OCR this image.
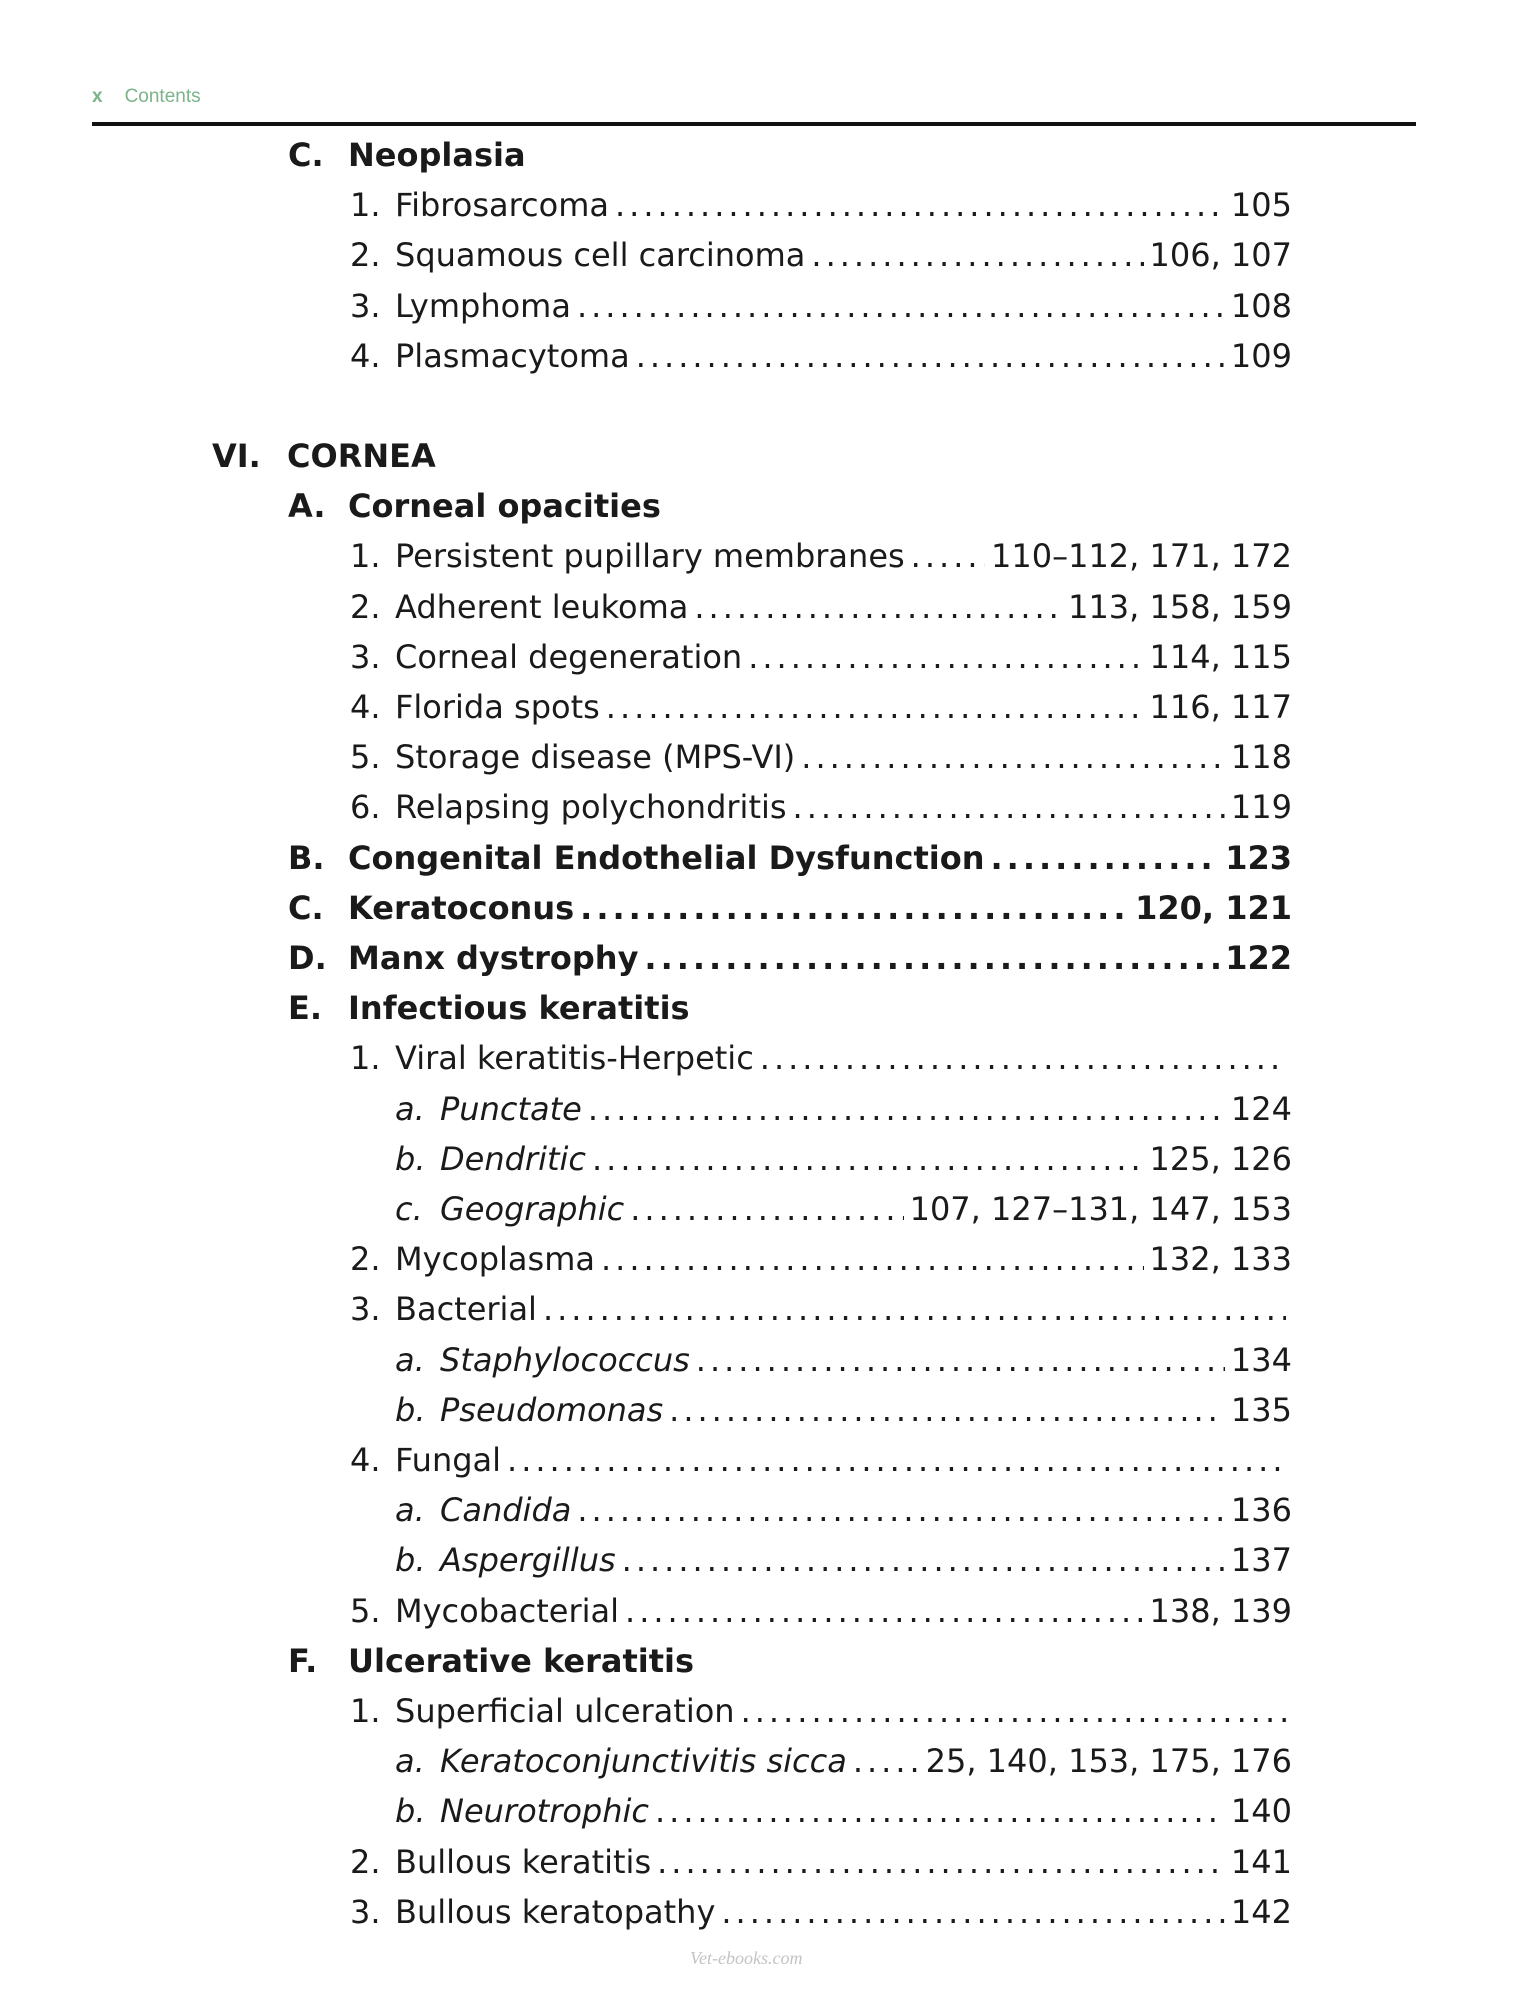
x Contents
C. Neoplasia
1. Fibrosarcoma .....	105
2. Squamous cell carcinoma .....	106, 107
3. Lymphoma .....	108
4. Plasmacytoma .....	109
VI. CORNEA
A. Corneal opacities
1. Persistent pupillary membranes .....	110–112, 171, 172
2. Adherent leukoma .....	113, 158, 159
3. Corneal degeneration .....	114, 115
4. Florida spots .....	116, 117
5. Storage disease (MPS-VI) .....	118
6. Relapsing polychondritis .....	119
B. Congenital Endothelial Dysfunction .....	123
C. Keratoconus .....	120, 121
D. Manx dystrophy .....	122
E. Infectious keratitis
1. Viral keratitis-Herpetic
.....
a. Punctate .....	124
b. Dendritic .....	125, 126
c. Geographic .....	107, 127–131, 147, 153
2. Mycoplasma .....	132, 133
3. Bacterial
.....
a. Staphylococcus .....	134
b. Pseudomonas .....	135
4. Fungal
.....
a. Candida .....	136
b. Aspergillus .....	137
5. Mycobacterial .....	138, 139
F. Ulcerative keratitis
1. Superficial ulceration
.....
a. Keratoconjunctivitis sicca ..... 25, 140, 153, 175, 176
b. Neurotrophic .....	140
2. Bullous keratitis .....	141
3. Bullous keratopathy .....	142
Vet-ebooks.com
